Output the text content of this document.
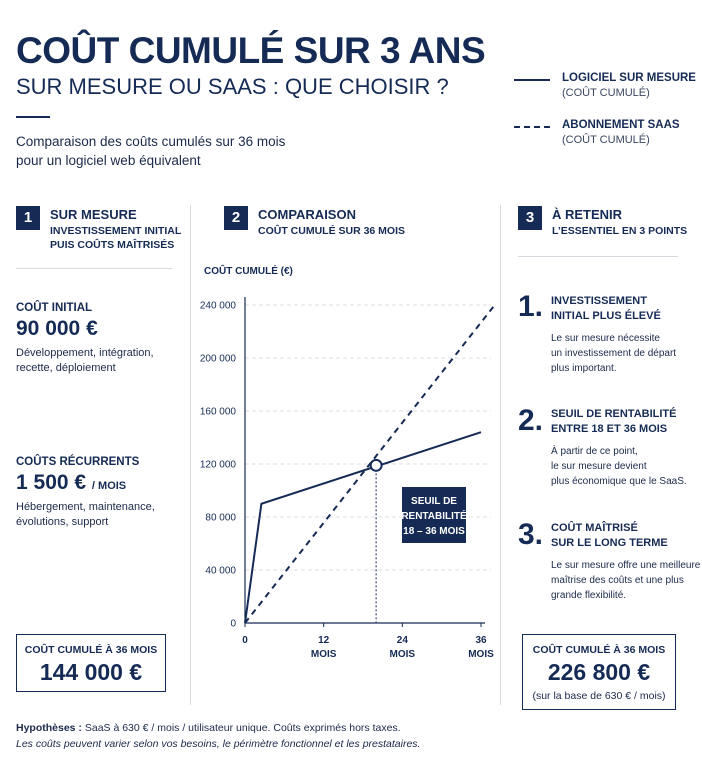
COÛT CUMULÉ SUR 3 ANS
SUR MESURE OU SAAS : QUE CHOISIR ?
Comparaison des coûts cumulés sur 36 mois
pour un logiciel web équivalent
LOGICIEL SUR MESURE
(COÛT CUMULÉ)
ABONNEMENT SAAS
(COÛT CUMULÉ)
1	SUR MESURE
INVESTISSEMENT INITIAL
PUIS COÛTS MAÎTRISÉS
COÛT INITIAL
90 000 €
Développement, intégration,
recette, déploiement
COÛTS RÉCURRENTS
1 500 € / MOIS
Hébergement, maintenance,
évolutions, support
COÛT CUMULÉ À 36 MOIS
144 000 €
2	COMPARAISON
COÛT CUMULÉ SUR 36 MOIS
COÛT CUMULÉ (€)
0
40 000
80 000
120 000
160 000
200 000
240 000
0	12
MOIS
24
MOIS
36
MOIS
SEUIL DE
RENTABILITÉ
18 – 36 MOIS
3	À RETENIR
L’ESSENTIEL EN 3 POINTS
1. INVESTISSEMENT
INITIAL PLUS ÉLEVÉ
Le sur mesure nécessite
un investissement de départ
plus important.
2. SEUIL DE RENTABILITÉ
ENTRE 18 ET 36 MOIS
À partir de ce point,
le sur mesure devient
plus économique que le SaaS.
3. COÛT MAÎTRISÉ
SUR LE LONG TERME
Le sur mesure offre une meilleure
maîtrise des coûts et une plus
grande flexibilité.
COÛT CUMULÉ À 36 MOIS
226 800 €
(sur la base de 630 € / mois)
Hypothèses : SaaS à 630 € / mois / utilisateur unique. Coûts exprimés hors taxes.
Les coûts peuvent varier selon vos besoins, le périmètre fonctionnel et les prestataires.
